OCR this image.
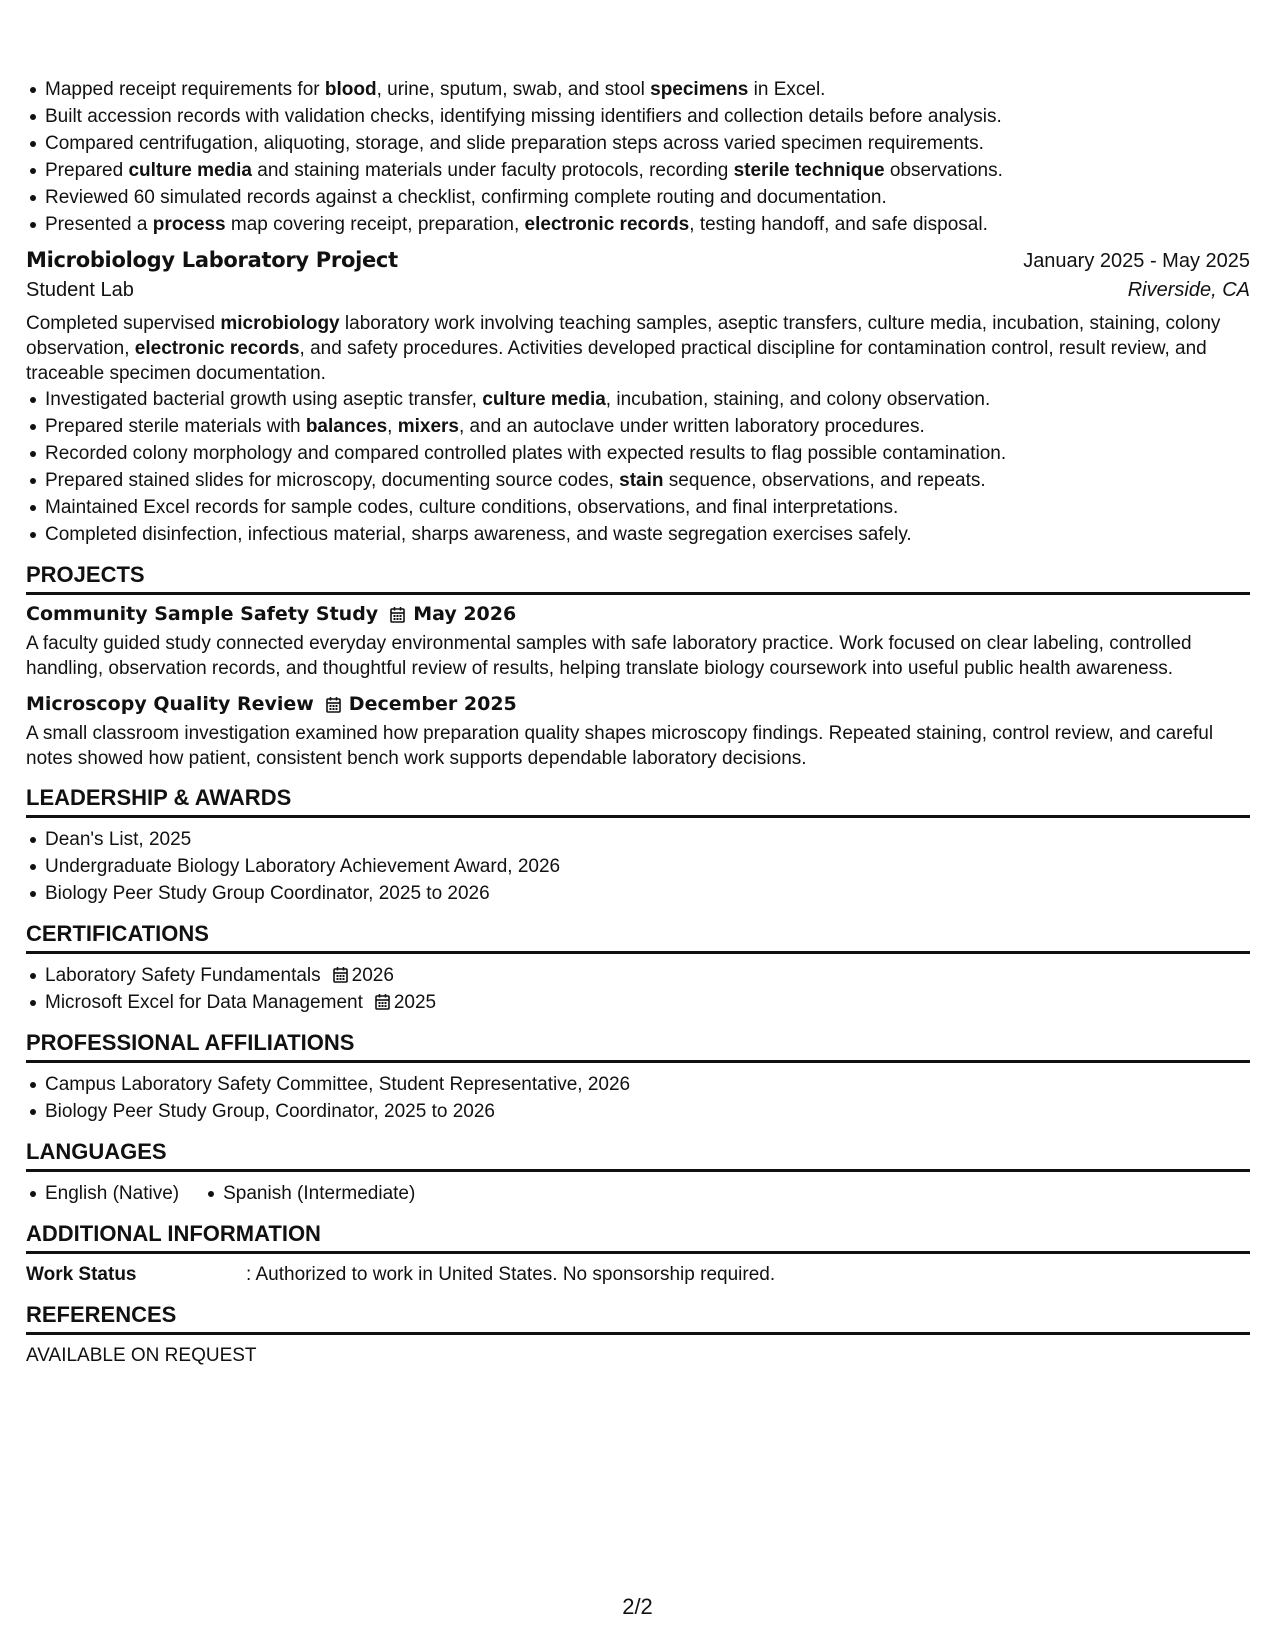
Mapped receipt requirements for blood, urine, sputum, swab, and stool specimens in Excel.
Built accession records with validation checks, identifying missing identifiers and collection details before analysis.
Compared centrifugation, aliquoting, storage, and slide preparation steps across varied specimen requirements.
Prepared culture media and staining materials under faculty protocols, recording sterile technique observations.
Reviewed 60 simulated records against a checklist, confirming complete routing and documentation.
Presented a process map covering receipt, preparation, electronic records, testing handoff, and safe disposal.
Microbiology Laboratory Project	January 2025 - May 2025
Student Lab	Riverside, CA
Completed supervised microbiology laboratory work involving teaching samples, aseptic transfers, culture media, incubation, staining, colony observation, electronic records, and safety procedures. Activities developed practical discipline for contamination control, result review, and traceable specimen documentation.
Investigated bacterial growth using aseptic transfer, culture media, incubation, staining, and colony observation.
Prepared sterile materials with balances, mixers, and an autoclave under written laboratory procedures.
Recorded colony morphology and compared controlled plates with expected results to flag possible contamination.
Prepared stained slides for microscopy, documenting source codes, stain sequence, observations, and repeats.
Maintained Excel records for sample codes, culture conditions, observations, and final interpretations.
Completed disinfection, infectious material, sharps awareness, and waste segregation exercises safely.
PROJECTS
Community Sample Safety Study May 2026
A faculty guided study connected everyday environmental samples with safe laboratory practice. Work focused on clear labeling, controlled handling, observation records, and thoughtful review of results, helping translate biology coursework into useful public health awareness.
Microscopy Quality Review December 2025
A small classroom investigation examined how preparation quality shapes microscopy findings. Repeated staining, control review, and careful notes showed how patient, consistent bench work supports dependable laboratory decisions.
LEADERSHIP & AWARDS
Dean's List, 2025
Undergraduate Biology Laboratory Achievement Award, 2026
Biology Peer Study Group Coordinator, 2025 to 2026
CERTIFICATIONS
Laboratory Safety Fundamentals 2026
Microsoft Excel for Data Management 2025
PROFESSIONAL AFFILIATIONS
Campus Laboratory Safety Committee, Student Representative, 2026
Biology Peer Study Group, Coordinator, 2025 to 2026
LANGUAGES
English (Native) Spanish (Intermediate)
ADDITIONAL INFORMATION
Work Status	: Authorized to work in United States. No sponsorship required.
REFERENCES
AVAILABLE ON REQUEST
2/2
